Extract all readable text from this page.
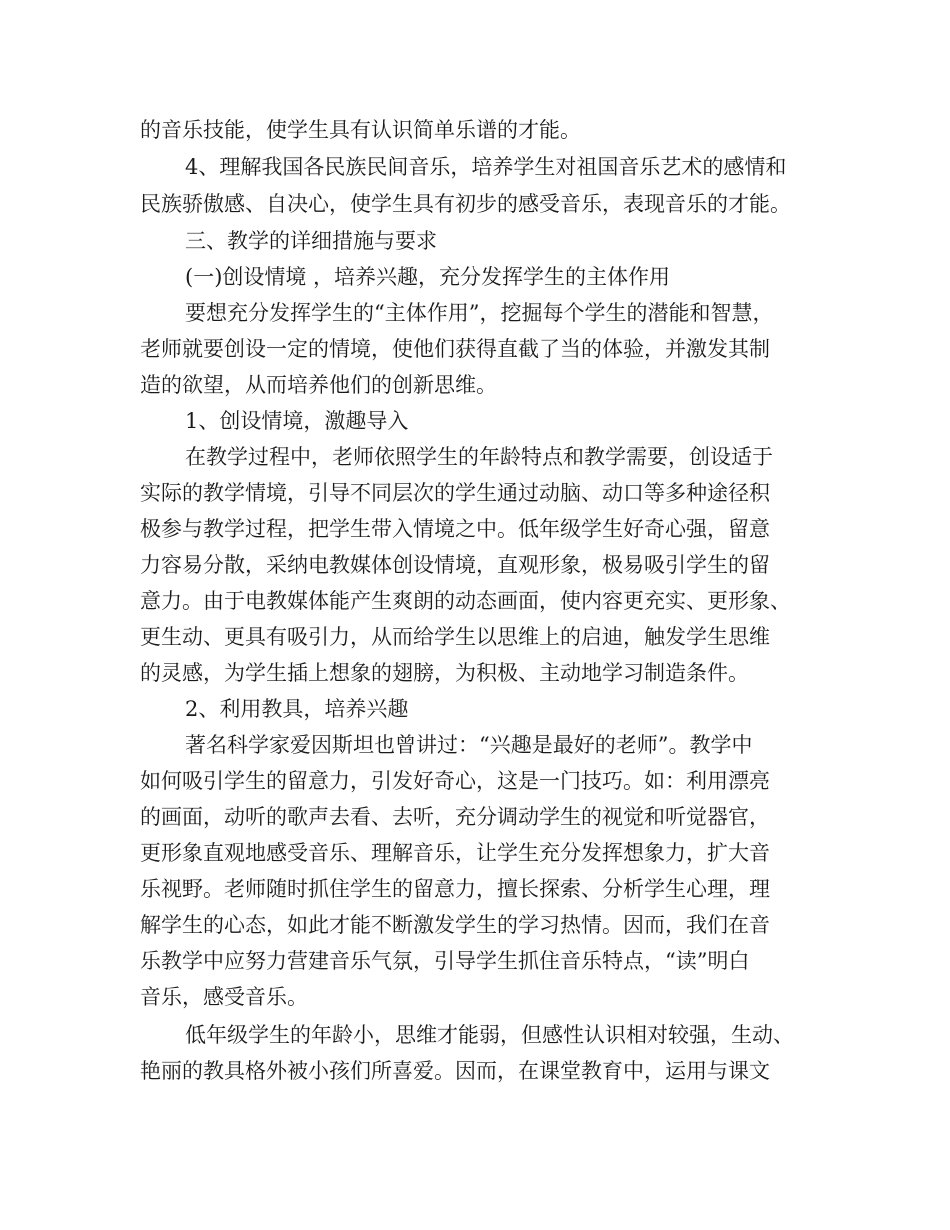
的音乐技能，使学生具有认识简单乐谱的才能。
4、理解我国各民族民间音乐，培养学生对祖国音乐艺术的感情和
民族骄傲感、自决心，使学生具有初步的感受音乐，表现音乐的才能。
三、教学的详细措施与要求
(一)创设情境 ，培养兴趣，充分发挥学生的主体作用
要想充分发挥学生的“主体作用”，挖掘每个学生的潜能和智慧，
老师就要创设一定的情境，使他们获得直截了当的体验，并激发其制
造的欲望，从而培养他们的创新思维。
1、创设情境，激趣导入
在教学过程中，老师依照学生的年龄特点和教学需要，创设适于
实际的教学情境，引导不同层次的学生通过动脑、动口等多种途径积
极参与教学过程，把学生带入情境之中。低年级学生好奇心强，留意
力容易分散，采纳电教媒体创设情境，直观形象，极易吸引学生的留
意力。由于电教媒体能产生爽朗的动态画面，使内容更充实、更形象、
更生动、更具有吸引力，从而给学生以思维上的启迪，触发学生思维
的灵感，为学生插上想象的翅膀，为积极、主动地学习制造条件。
2、利用教具，培养兴趣
著名科学家爱因斯坦也曾讲过：“兴趣是最好的老师”。教学中
如何吸引学生的留意力，引发好奇心，这是一门技巧。如：利用漂亮
的画面，动听的歌声去看、去听，充分调动学生的视觉和听觉器官，
更形象直观地感受音乐、理解音乐，让学生充分发挥想象力，扩大音
乐视野。老师随时抓住学生的留意力，擅长探索、分析学生心理，理
解学生的心态，如此才能不断激发学生的学习热情。因而，我们在音
乐教学中应努力营建音乐气氛，引导学生抓住音乐特点，“读”明白
音乐，感受音乐。
低年级学生的年龄小，思维才能弱，但感性认识相对较强，生动、
艳丽的教具格外被小孩们所喜爱。因而，在课堂教育中，运用与课文
